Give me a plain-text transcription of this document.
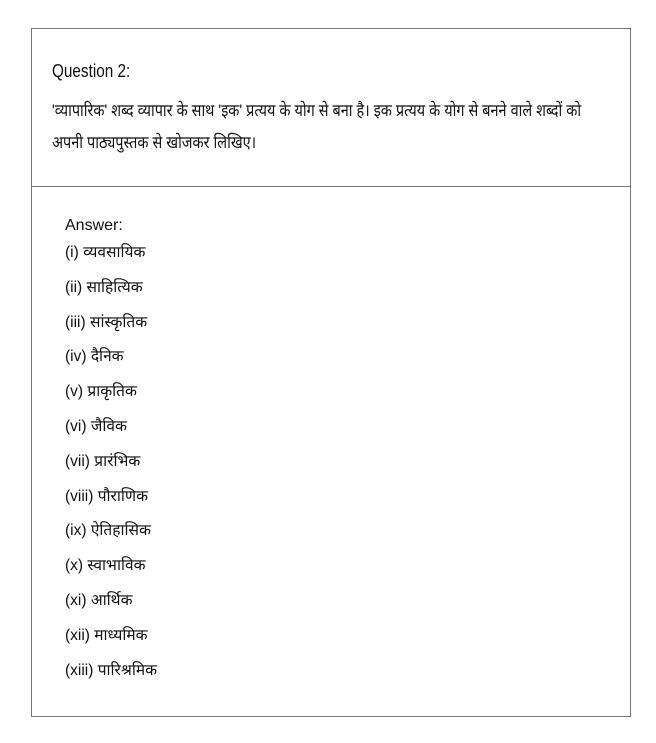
Question 2:
'व्यापारिक' शब्द व्यापार के साथ 'इक' प्रत्यय के योग से बना है। इक प्रत्यय के योग से बनने वाले शब्दों को अपनी पाठ्यपुस्तक से खोजकर लिखिए।
Answer:
(i) व्यवसायिक
(ii) साहित्यिक
(iii) सांस्कृतिक
(iv) दैनिक
(v) प्राकृतिक
(vi) जैविक
(vii) प्रारंभिक
(viii) पौराणिक
(ix) ऐतिहासिक
(x) स्वाभाविक
(xi) आर्थिक
(xii) माध्यमिक
(xiii) पारिश्रमिक
